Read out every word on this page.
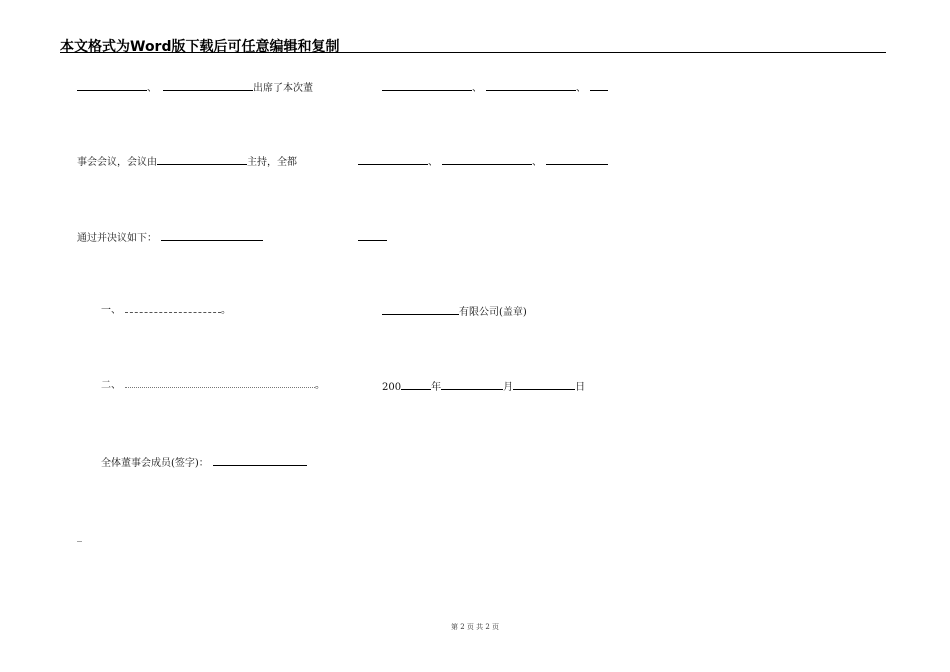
本文格式为Word版下载后可任意编辑和复制
、	出席了本次董
事会会议，会议由	主持，全都
通过并决议如下：
一、	。
二、	。
全体董事会成员(签字)：
_
、	、
、	、
有限公司(盖章)
200	年	月	日
第 2 页 共 2 页
